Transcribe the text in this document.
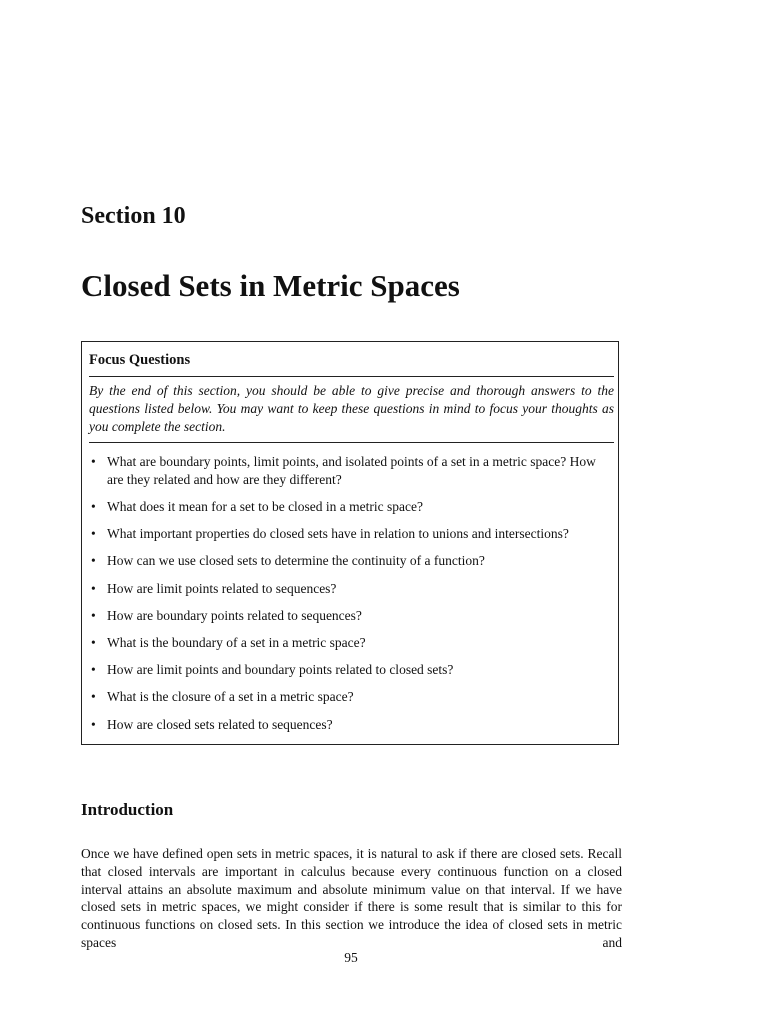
Section 10
Closed Sets in Metric Spaces
Focus Questions

By the end of this section, you should be able to give precise and thorough answers to the questions listed below. You may want to keep these questions in mind to focus your thoughts as you complete the section.

• What are boundary points, limit points, and isolated points of a set in a metric space? How are they related and how are they different?
• What does it mean for a set to be closed in a metric space?
• What important properties do closed sets have in relation to unions and intersections?
• How can we use closed sets to determine the continuity of a function?
• How are limit points related to sequences?
• How are boundary points related to sequences?
• What is the boundary of a set in a metric space?
• How are limit points and boundary points related to closed sets?
• What is the closure of a set in a metric space?
• How are closed sets related to sequences?
Introduction

Once we have defined open sets in metric spaces, it is natural to ask if there are closed sets. Recall that closed intervals are important in calculus because every continuous function on a closed interval attains an absolute maximum and absolute minimum value on that interval. If we have closed sets in metric spaces, we might consider if there is some result that is similar to this for continuous functions on closed sets. In this section we introduce the idea of closed sets in metric spaces and

95
